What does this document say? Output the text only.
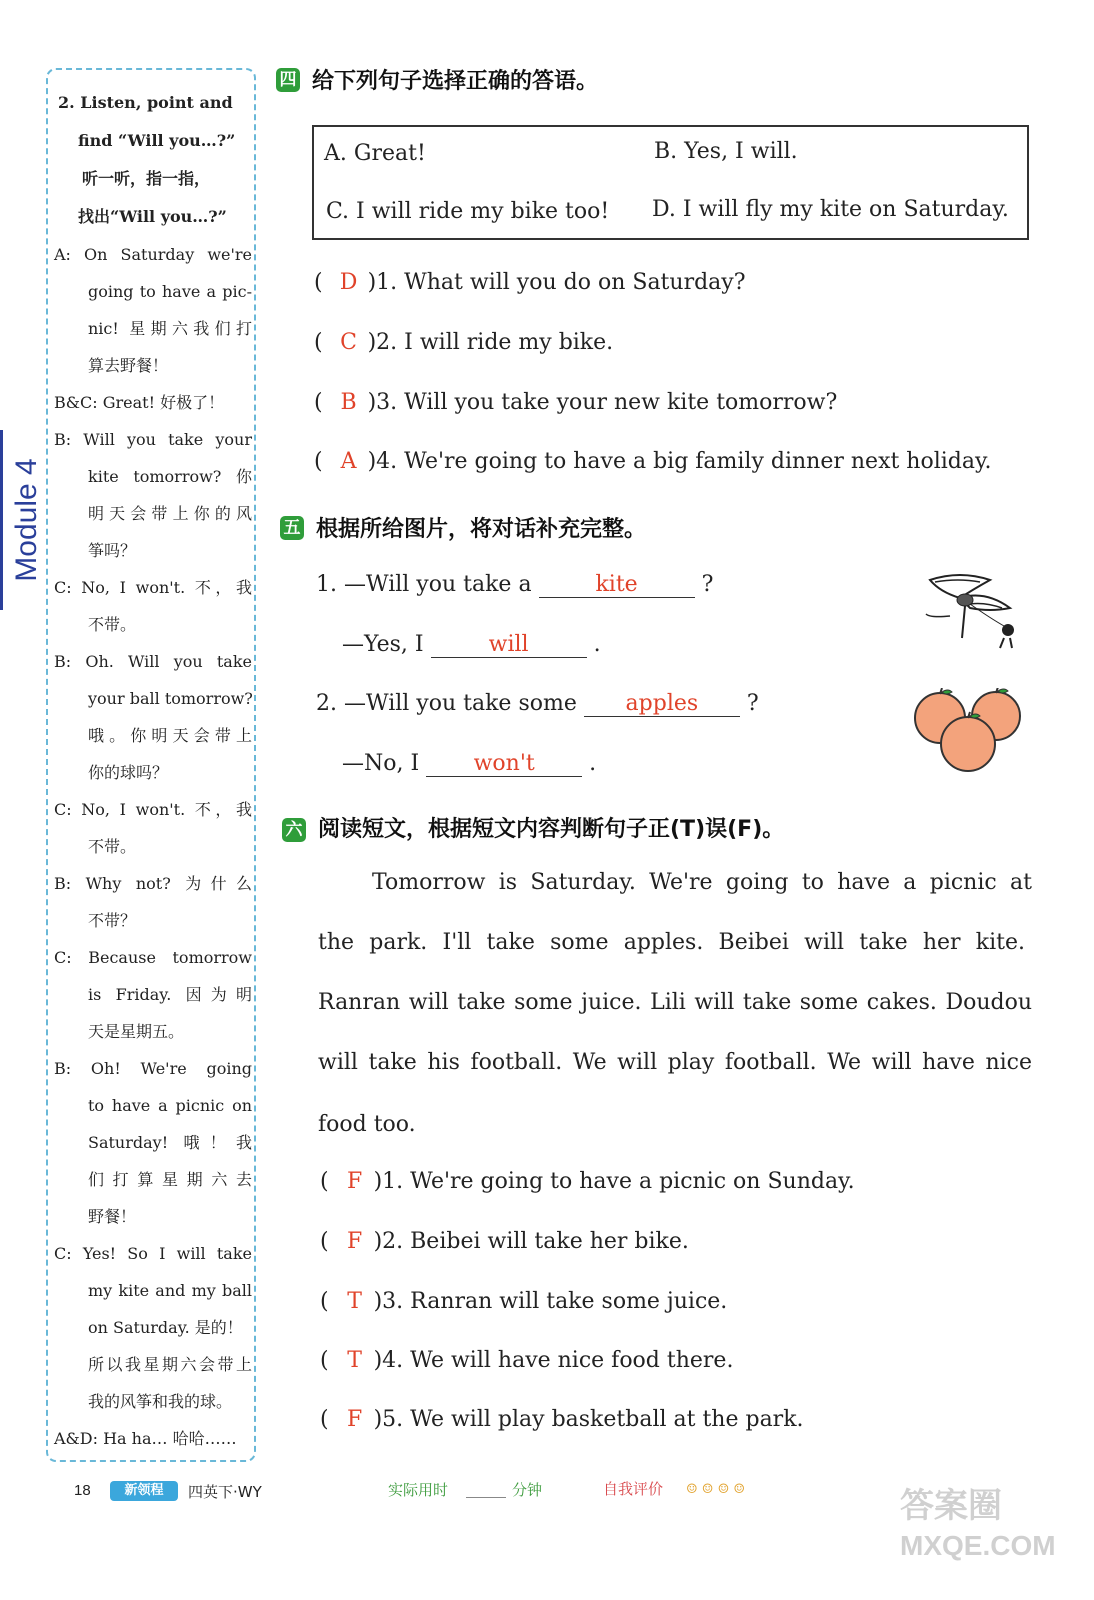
Module 4
2. Listen, point and
find “Will you…?”
听一听，指一指，
找出“Will you…?”
A: On Saturday we're
going to have a pic-
nic! 星期六我们打
算去野餐！
B&C: Great! 好极了！
B: Will you take your
kite tomorrow? 你
明天会带上你的风
筝吗？
C: No, I won't. 不，我
不带。
B: Oh. Will you take
your ball tomorrow?
哦。你明天会带上
你的球吗？
C: No, I won't. 不，我
不带。
B: Why not? 为什么
不带？
C: Because tomorrow
is Friday. 因为明
天是星期五。
B: Oh! We're going
to have a picnic on
Saturday! 哦！我
们打算星期六去
野餐！
C: Yes! So I will take
my kite and my ball
on Saturday. 是的！
所以我星期六会带上
我的风筝和我的球。
A&D: Ha ha… 哈哈……
四 给下列句子选择正确的答语。
A. Great!	B. Yes, I will.
C. I will ride my bike too! D. I will fly my kite on Saturday.
( D )1. What will you do on Saturday?
( C )2. I will ride my bike.
( B )3. Will you take your new kite tomorrow?
( A )4. We're going to have a big family dinner next holiday.
五 根据所给图片，将对话补充完整。
1. —Will you take a	kite	?
—Yes, I	will	.
2. —Will you take some apples ?
—No, I won't .
六 阅读短文，根据短文内容判断句子正(T)误(F)。
Tomorrow is Saturday. We're going to have a picnic at
the park. I'll take some apples. Beibei will take her kite.
Ranran will take some juice. Lili will take some cakes. Doudou
will take his football. We will play football. We will have nice
food too.
( F )1. We're going to have a picnic on Sunday.
( F )2. Beibei will take her bike.
( T )3. Ranran will take some juice.
( T )4. We will have nice food there.
( F )5. We will play basketball at the park.
18	新领程	四英下·WY	实际用时	分钟	自我评价 ☺ ☺ ☺ ☺	答案圈
MXQE.COM
